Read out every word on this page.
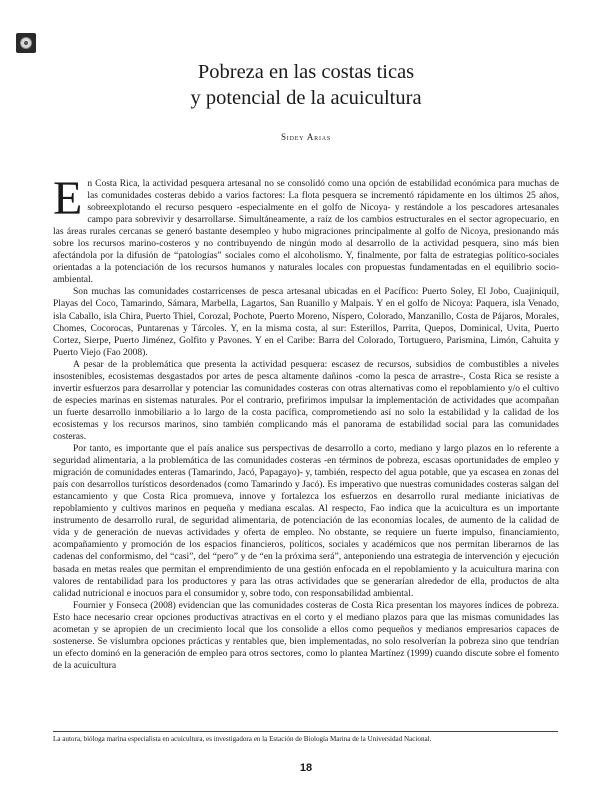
Pobreza en las costas ticas
y potencial de la acuicultura
Sidey Arias

En Costa Rica, la actividad pesquera artesanal no se consolidó como una opción de estabilidad económica para muchas de las comunidades costeras debido a varios factores: La flota pesquera se incrementó rápidamente en los últimos 25 años, sobreexplotando el recurso pesquero -especialmente en el golfo de Nicoya- y restándole a los pescadores artesanales campo para sobrevivir y desarrollarse. Simultáneamente, a raíz de los cambios estructurales en el sector agropecuario, en las áreas rurales cercanas se generó bastante desempleo y hubo migraciones principalmente al golfo de Nicoya, presionando más sobre los recursos marino-costeros y no contribuyendo de ningún modo al desarrollo de la actividad pesquera, sino más bien afectándola por la difusión de “patologías” sociales como el alcoholismo. Y, finalmente, por falta de estrategias político-sociales orientadas a la potenciación de los recursos humanos y naturales locales con propuestas fundamentadas en el equilibrio socio-ambiental.

Son muchas las comunidades costarricenses de pesca artesanal ubicadas en el Pacífico: Puerto Soley, El Jobo, Cuajiniquil, Playas del Coco, Tamarindo, Sámara, Marbella, Lagartos, San Ruanillo y Malpais. Y en el golfo de Nicoya: Paquera, isla Venado, isla Caballo, isla Chira, Puerto Thiel, Corozal, Pochote, Puerto Moreno, Níspero, Colorado, Manzanillo, Costa de Pájaros, Morales, Chomes, Cocorocas, Puntarenas y Tárcoles. Y, en la misma costa, al sur: Esterillos, Parrita, Quepos, Dominical, Uvita, Puerto Cortez, Sierpe, Puerto Jiménez, Golfito y Pavones. Y en el Caribe: Barra del Colorado, Tortuguero, Parismina, Limón, Cahuita y Puerto Viejo (Fao 2008).

A pesar de la problemática que presenta la actividad pesquera: escasez de recursos, subsidios de combustibles a niveles insostenibles, ecosistemas desgastados por artes de pesca altamente dañinos -como la pesca de arrastre-, Costa Rica se resiste a invertir esfuerzos para desarrollar y potenciar las comunidades costeras con otras alternativas como el repoblamiento y/o el cultivo de especies marinas en sistemas naturales. Por el contrario, prefirimos impulsar la implementación de actividades que acompañan un fuerte desarrollo inmobiliario a lo largo de la costa pacífica, comprometiendo así no solo la estabilidad y la calidad de los ecosistemas y los recursos marinos, sino también complicando más el panorama de estabilidad social para las comunidades costeras.

Por tanto, es importante que el país analice sus perspectivas de desarrollo a corto, mediano y largo plazos en lo referente a seguridad alimentaria, a la problemática de las comunidades costeras -en términos de pobreza, escasas oportunidades de empleo y migración de comunidades enteras (Tamarindo, Jacó, Papagayo)- y, también, respecto del agua potable, que ya escasea en zonas del país con desarrollos turísticos desordenados (como Tamarindo y Jacó). Es imperativo que nuestras comunidades costeras salgan del estancamiento y que Costa Rica promueva, innove y fortalezca los esfuerzos en desarrollo rural mediante iniciativas de repoblamiento y cultivos marinos en pequeña y mediana escalas. Al respecto, Fao indica que la acuicultura es un importante instrumento de desarrollo rural, de seguridad alimentaria, de potenciación de las economías locales, de aumento de la calidad de vida y de generación de nuevas actividades y oferta de empleo. No obstante, se requiere un fuerte impulso, financiamiento, acompañamiento y promoción de los espacios financieros, políticos, sociales y académicos que nos permitan liberarnos de las cadenas del conformismo, del “casi”, del “pero” y de “en la próxima será”, anteponiendo una estrategia de intervención y ejecución basada en metas reales que permitan el emprendimiento de una gestión enfocada en el repoblamiento y la acuicultura marina con valores de rentabilidad para los productores y para las otras actividades que se generarían alrededor de ella, productos de alta calidad nutricional e inocuos para el consumidor y, sobre todo, con responsabilidad ambiental.

Fournier y Fonseca (2008) evidencian que las comunidades costeras de Costa Rica presentan los mayores índices de pobreza. Esto hace necesario crear opciones productivas atractivas en el corto y el mediano plazos para que las mismas comunidades las acometan y se apropien de un crecimiento local que los consolide a ellos como pequeños y medianos empresarios capaces de sostenerse. Se vislumbra opciones prácticas y rentables que, bien implementadas, no solo resolverían la pobreza sino que tendrían un efecto dominó en la generación de empleo para otros sectores, como lo plantea Martínez (1999) cuando discute sobre el fomento de la acuicultura

La autora, bióloga marina especialista en acuicultura, es investigadora en la Estación de Biología Marina de la Universidad Nacional.
18
